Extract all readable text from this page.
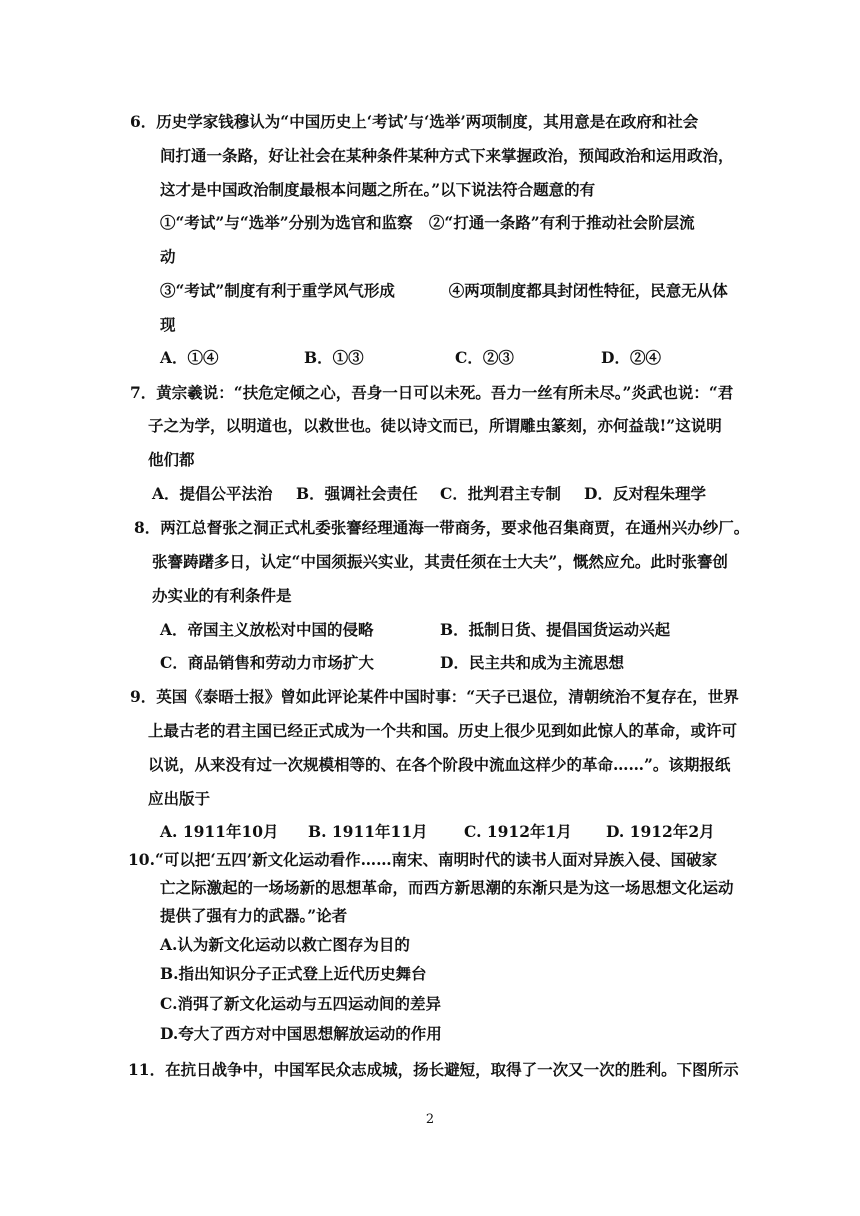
6．历史学家钱穆认为“中国历史上‘考试’与‘选举’两项制度，其用意是在政府和社会
间打通一条路，好让社会在某种条件某种方式下来掌握政治，预闻政治和运用政治，
这才是中国政治制度最根本问题之所在。”以下说法符合题意的有
①“考试”与“选举”分别为选官和监察   ②“打通一条路”有利于推动社会阶层流
动
③“考试”制度有利于重学风气形成          ④两项制度都具封闭性特征，民意无从体
现
A．①④	B．①③	C．②③	D．②④
7．黄宗羲说：“扶危定倾之心，吾身一日可以未死。吾力一丝有所未尽。”炎武也说：“君
子之为学，以明道也，以救世也。徒以诗文而已，所谓雕虫篆刻，亦何益哉!”这说明
他们都
A．提倡公平法治 B．强调社会责任 C．批判君主专制 D．反对程朱理学
8．两江总督张之洞正式札委张謇经理通海一带商务，要求他召集商贾，在通州兴办纱厂。
张謇踌躇多日，认定“中国须振兴实业，其责任须在士大夫”，慨然应允。此时张謇创
办实业的有利条件是
A．帝国主义放松对中国的侵略	B．抵制日货、提倡国货运动兴起
C．商品销售和劳动力市场扩大	D．民主共和成为主流思想
9．英国《泰晤士报》曾如此评论某件中国时事：“天子已退位，清朝统治不复存在，世界
上最古老的君主国已经正式成为一个共和国。历史上很少见到如此惊人的革命，或许可
以说，从来没有过一次规模相等的、在各个阶段中流血这样少的革命……”。该期报纸
应出版于
A. 1911年10月 B. 1911年11月 C. 1912年1月 D. 1912年2月
10.“可以把‘五四’新文化运动看作……南宋、南明时代的读书人面对异族入侵、国破家
亡之际激起的一场场新的思想革命，而西方新思潮的东渐只是为这一场思想文化运动
提供了强有力的武器。”论者
A.认为新文化运动以救亡图存为目的
B.指出知识分子正式登上近代历史舞台
C.消弭了新文化运动与五四运动间的差异
D.夸大了西方对中国思想解放运动的作用
11．在抗日战争中，中国军民众志成城，扬长避短，取得了一次又一次的胜利。下图所示
2
